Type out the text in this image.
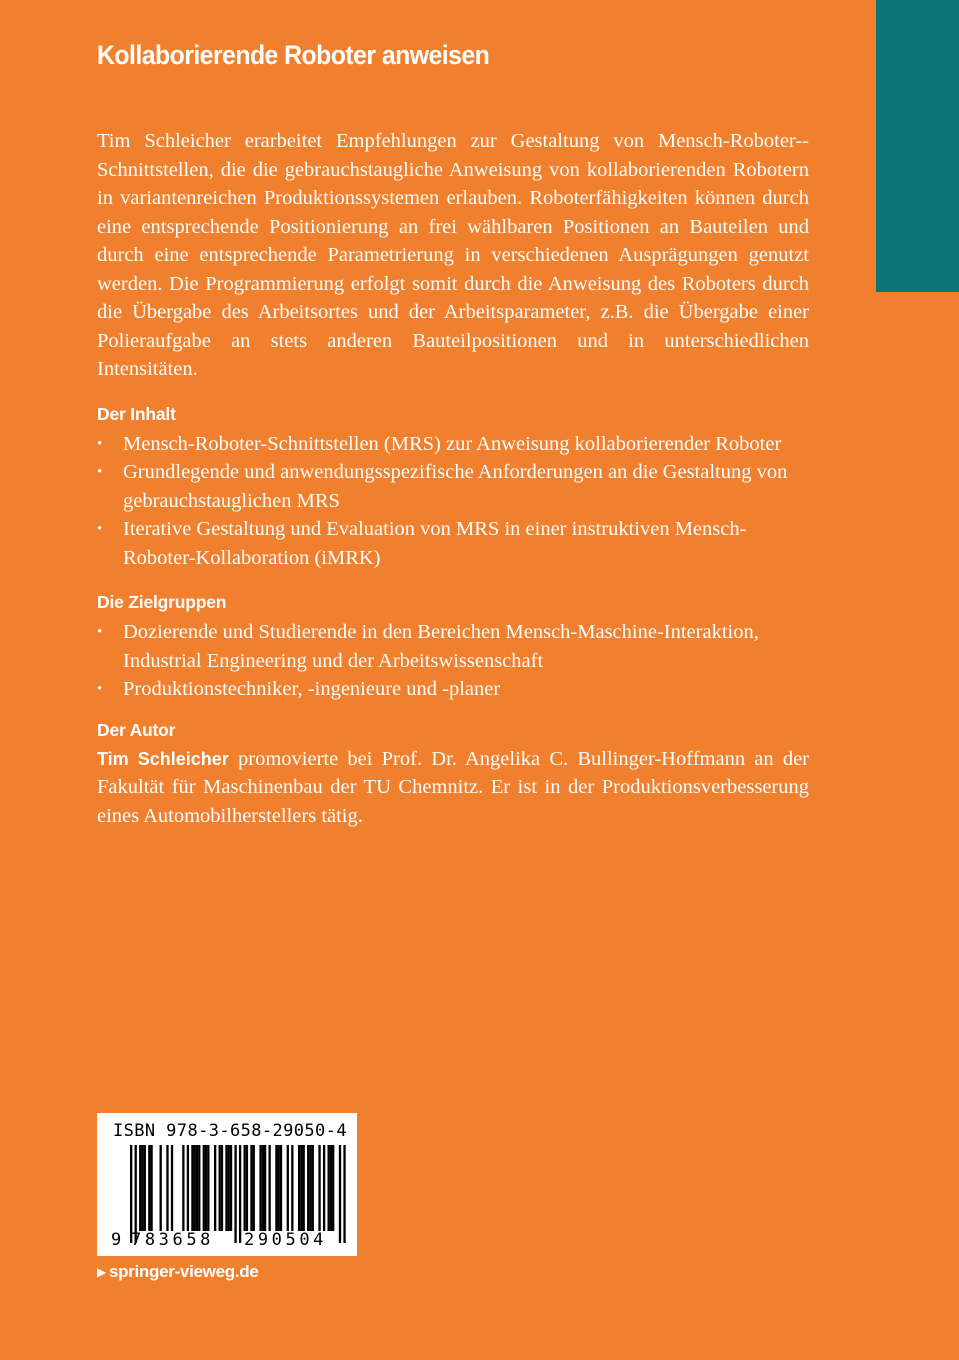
Kollaborierende Roboter anweisen

Tim Schleicher erarbeitet Empfehlungen zur Gestaltung von Mensch-Roboter-Schnittstellen, die die gebrauchstaugliche Anweisung von kollaborierenden Robotern in variantenreichen Produktionssystemen erlauben. Roboterfähigkeiten können durch eine entsprechende Positionierung an frei wählbaren Positionen an Bauteilen und durch eine entsprechende Parametrierung in verschiedenen Ausprägungen genutzt werden. Die Programmierung erfolgt somit durch die Anweisung des Roboters durch die Übergabe des Arbeitsortes und der Arbeitsparameter, z.B. die Übergabe einer Polieraufgabe an stets anderen Bauteilpositionen und in unterschiedlichen Intensitäten.

Der Inhalt
• Mensch-Roboter-Schnittstellen (MRS) zur Anweisung kollaborierender Roboter
• Grundlegende und anwendungsspezifische Anforderungen an die Gestaltung von gebrauchstauglichen MRS
• Iterative Gestaltung und Evaluation von MRS in einer instruktiven Mensch-Roboter-Kollaboration (iMRK)
Die Zielgruppen
• Dozierende und Studierende in den Bereichen Mensch-Maschine-Interaktion, Industrial Engineering und der Arbeitswissenschaft
• Produktionstechniker, -ingenieure und -planer
Der Autor

Tim Schleicher promovierte bei Prof. Dr. Angelika C. Bullinger-Hoffmann an der Fakultät für Maschinenbau der TU Chemnitz. Er ist in der Produktionsverbesserung eines Automobilherstellers tätig.

ISBN 978-3-658-29050-4
9 783658 290504
▶ springer-vieweg.de
